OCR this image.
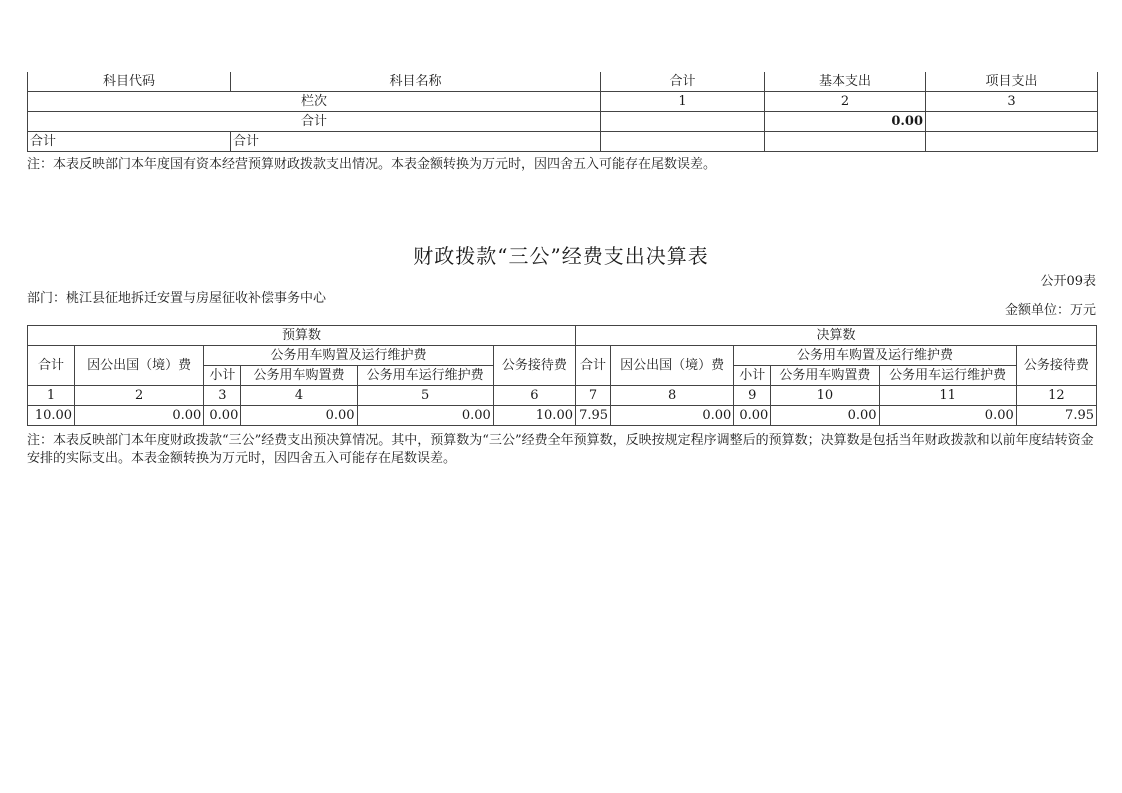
科目代码	科目名称	合计	基本支出	项目支出
栏次		1	2	3
合计			0.00	
合计	合计			
注：本表反映部门本年度国有资本经营预算财政拨款支出情况。本表金额转换为万元时，因四舍五入可能存在尾数误差。
财政拨款“三公”经费支出决算表
公开09表
部门：桃江县征地拆迁安置与房屋征收补偿事务中心
金额单位：万元
预算数						决算数					
合计	因公出国（境）费	公务用车购置及运行维护费			公务接待费	合计	因公出国（境）费	公务用车购置及运行维护费			公务接待费
		小计	公务用车购置费	公务用车运行维护费				小计	公务用车购置费	公务用车运行维护费	
1	2	3	4	5	6	7	8	9	10	11	12
10.00	0.00	0.00	0.00	0.00	10.00	7.95	0.00	0.00	0.00	0.00	7.95
注：本表反映部门本年度财政拨款“三公”经费支出预决算情况。其中，预算数为“三公”经费全年预算数，反映按规定程序调整后的预算数；决算数是包括当年财政拨款和以前年度结转资金安排的实际支出。本表金额转换为万元时，因四舍五入可能存在尾数误差。
